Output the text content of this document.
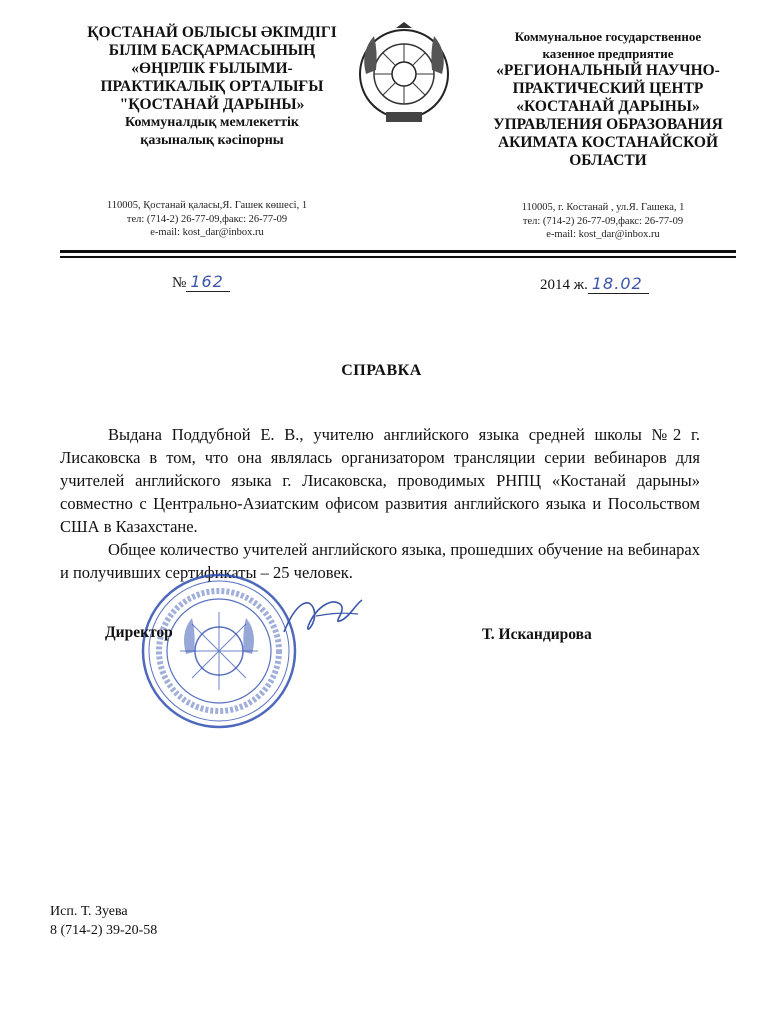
ҚОСТАНАЙ ОБЛЫСЫ ӘКІМДІГІ
БІЛІМ БАСҚАРМАСЫНЫҢ
«ӨҢІРЛІК ҒЫЛЫМИ-
ПРАКТИКАЛЫҚ ОРТАЛЫҒЫ
"ҚОСТАНАЙ ДАРЫНЫ»
Коммуналдық мемлекеттік
қазыналық кәсіпорны
Коммунальное государственное
казенное предприятие
«РЕГИОНАЛЬНЫЙ НАУЧНО-
ПРАКТИЧЕСКИЙ ЦЕНТР
«КОСТАНАЙ ДАРЫНЫ»
УПРАВЛЕНИЯ ОБРАЗОВАНИЯ
АКИМАТА КОСТАНАЙСКОЙ
ОБЛАСТИ
110005, Қостанай қаласы,Я. Гашек көшесі, 1
тел: (714-2) 26-77-09,факс: 26-77-09
e-mail: kost_dar@inbox.ru
110005, г. Костанай , ул.Я. Гашека, 1
тел: (714-2) 26-77-09,факс: 26-77-09
e-mail: kost_dar@inbox.ru
№ 162	2014 ж. 18.02
СПРАВКА

Выдана Поддубной Е. В., учителю английского языка средней школы №2 г. Лисаковска в том, что она являлась организатором трансляции серии вебинаров для учителей английского языка г. Лисаковска, проводимых РНПЦ «Костанай дарыны» совместно с Центрально-Азиатским офисом развития английского языка и Посольством США в Казахстане.

Общее количество учителей английского языка, прошедших обучение на вебинарах и получивших сертификаты – 25 человек.

Директор	Т. Искандирова
Исп. Т. Зуева
8 (714-2) 39-20-58
